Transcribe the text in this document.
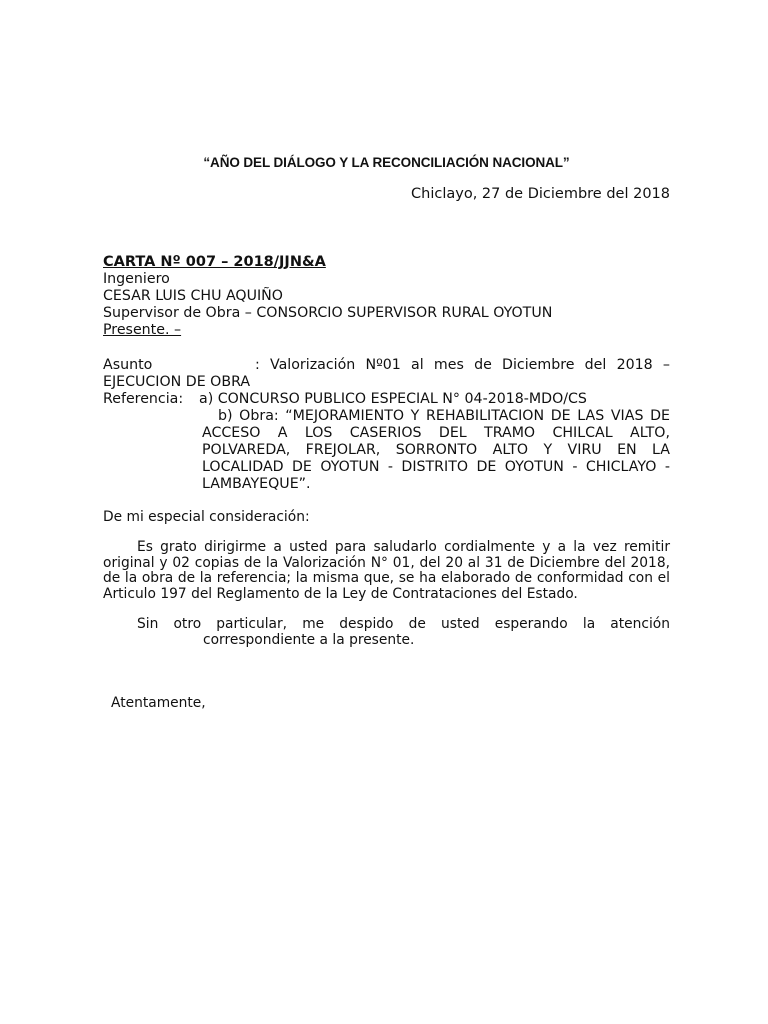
“AÑO DEL DIÁLOGO Y LA RECONCILIACIÓN NACIONAL”
Chiclayo, 27 de Diciembre del 2018
CARTA Nº 007 – 2018/JJN&A
Ingeniero
CESAR LUIS CHU AQUIÑO
Supervisor de Obra – CONSORCIO SUPERVISOR RURAL OYOTUN
Presente. –
Asunto	: Valorización Nº01 al mes de Diciembre del 2018 –
EJECUCION DE OBRA
Referencia:	a) CONCURSO PUBLICO ESPECIAL N° 04-2018-MDO/CS
b) Obra: “MEJORAMIENTO Y REHABILITACION DE LAS VIAS DE ACCESO A LOS CASERIOS DEL TRAMO CHILCAL ALTO, POLVAREDA, FREJOLAR, SORRONTO ALTO Y VIRU EN LA LOCALIDAD DE OYOTUN - DISTRITO DE OYOTUN - CHICLAYO - LAMBAYEQUE”.
De mi especial consideración:
Es grato dirigirme a usted para saludarlo cordialmente y a la vez remitir original y 02 copias de la Valorización N° 01, del 20 al 31 de Diciembre del 2018, de la obra de la referencia; la misma que, se ha elaborado de conformidad con el Articulo 197 del Reglamento de la Ley de Contrataciones del Estado.
Sin otro particular, me despido de usted esperando la atención
correspondiente a la presente.
Atentamente,
